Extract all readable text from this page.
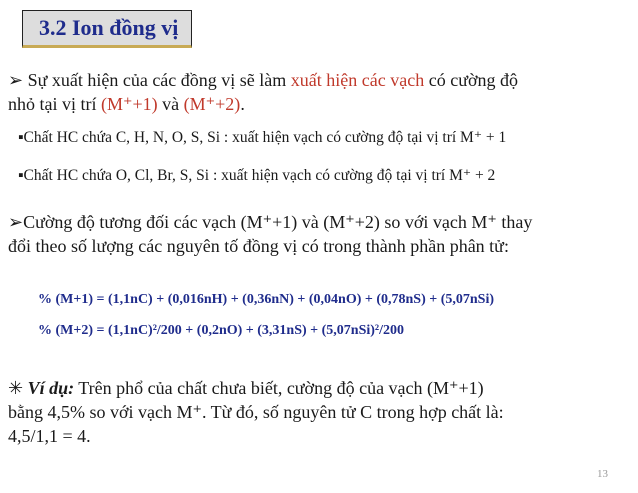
3.2 Ion đồng vị
➢ Sự xuất hiện của các đồng vị sẽ làm xuất hiện các vạch có cường độ
nhỏ tại vị trí (M⁺+1) và (M⁺+2).
▪Chất HC chứa C, H, N, O, S, Si : xuất hiện vạch có cường độ tại vị trí M⁺ + 1
▪Chất HC chứa O, Cl, Br, S, Si : xuất hiện vạch có cường độ tại vị trí M⁺ + 2
➢Cường độ tương đối các vạch (M⁺+1) và (M⁺+2) so với vạch M⁺ thay
đổi theo số lượng các nguyên tố đồng vị có trong thành phần phân tử:
% (M+1) = (1,1nC) + (0,016nH) + (0,36nN) + (0,04nO) + (0,78nS) + (5,07nSi)
% (M+2) = (1,1nC)²/200 + (0,2nO) + (3,31nS) + (5,07nSi)²/200
✳ Ví dụ: Trên phổ của chất chưa biết, cường độ của vạch (M⁺+1)
bằng 4,5% so với vạch M⁺. Từ đó, số nguyên tử C trong hợp chất là:
4,5/1,1 = 4.
13
